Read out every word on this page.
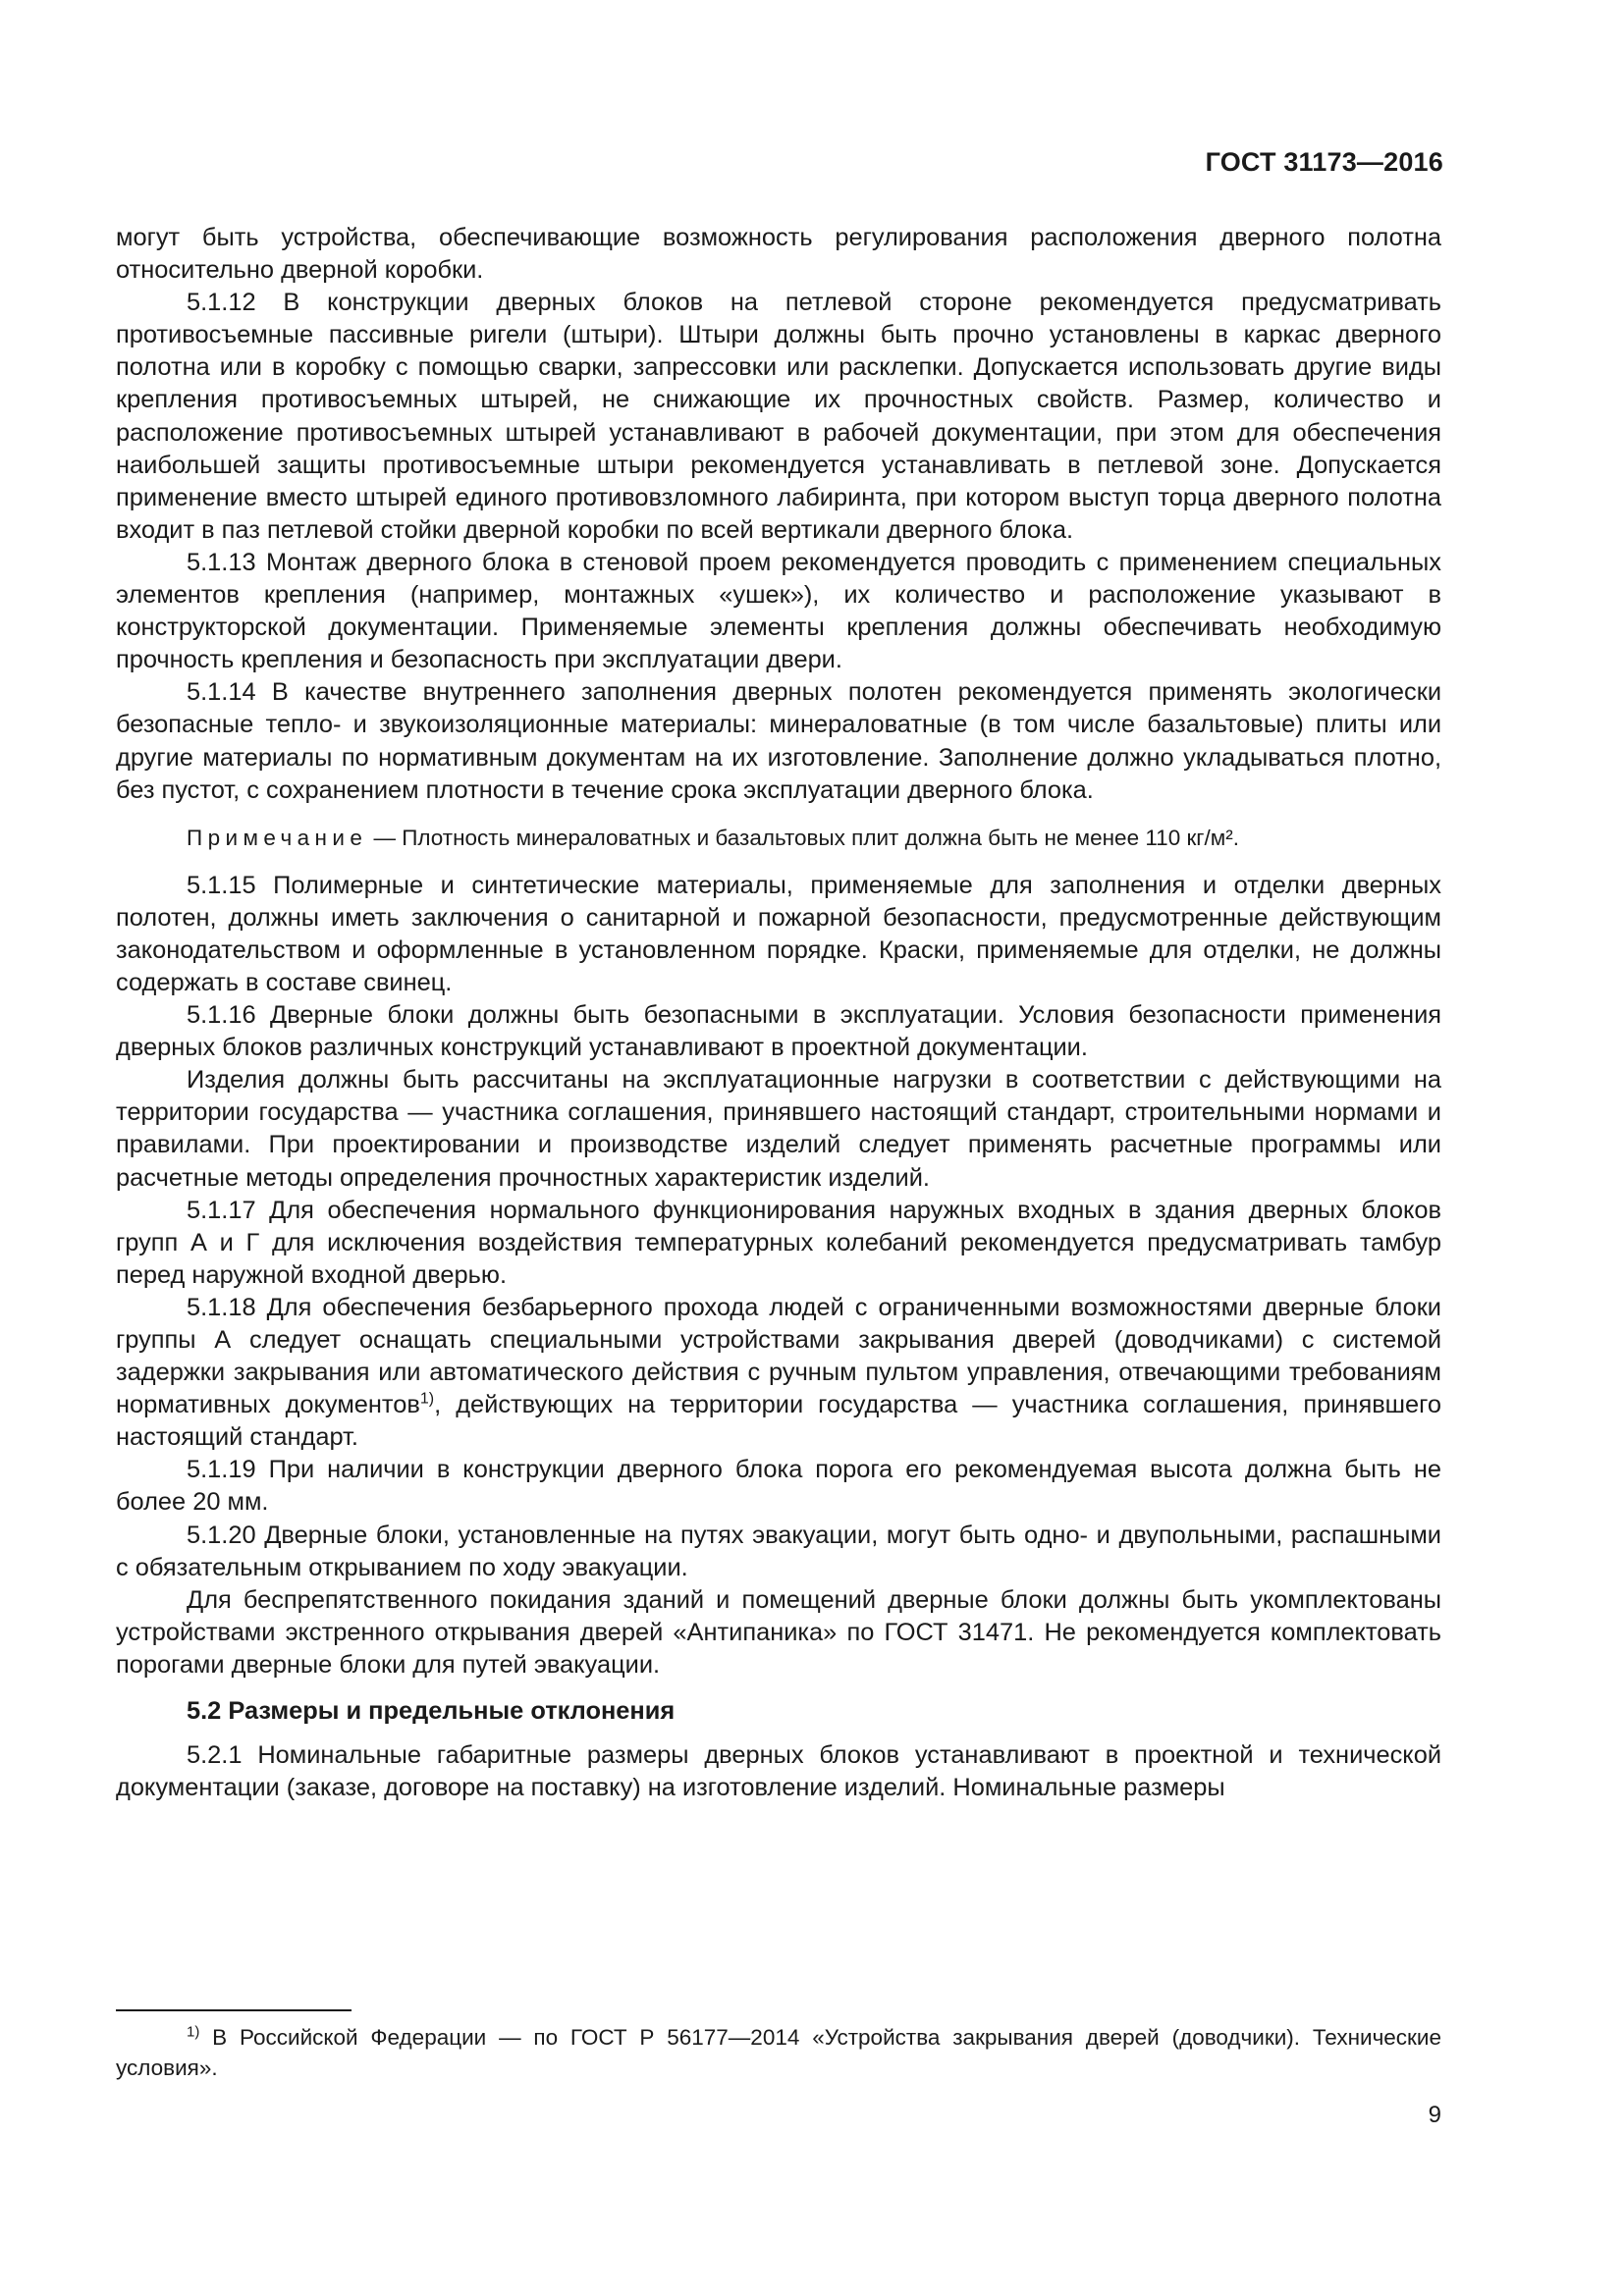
ГОСТ 31173—2016

могут быть устройства, обеспечивающие возможность регулирования расположения дверного полотна относительно дверной коробки.

5.1.12 В конструкции дверных блоков на петлевой стороне рекомендуется предусматривать противосъемные пассивные ригели (штыри). Штыри должны быть прочно установлены в каркас дверного полотна или в коробку с помощью сварки, запрессовки или расклепки. Допускается использовать другие виды крепления противосъемных штырей, не снижающие их прочностных свойств. Размер, количество и расположение противосъемных штырей устанавливают в рабочей документации, при этом для обеспечения наибольшей защиты противосъемные штыри рекомендуется устанавливать в петлевой зоне. Допускается применение вместо штырей единого противовзломного лабиринта, при котором выступ торца дверного полотна входит в паз петлевой стойки дверной коробки по всей вертикали дверного блока.

5.1.13 Монтаж дверного блока в стеновой проем рекомендуется проводить с применением специальных элементов крепления (например, монтажных «ушек»), их количество и расположение указывают в конструкторской документации. Применяемые элементы крепления должны обеспечивать необходимую прочность крепления и безопасность при эксплуатации двери.

5.1.14 В качестве внутреннего заполнения дверных полотен рекомендуется применять экологически безопасные тепло- и звукоизоляционные материалы: минераловатные (в том числе базальтовые) плиты или другие материалы по нормативным документам на их изготовление. Заполнение должно укладываться плотно, без пустот, с сохранением плотности в течение срока эксплуатации дверного блока.

Примечание — Плотность минераловатных и базальтовых плит должна быть не менее 110 кг/м².

5.1.15 Полимерные и синтетические материалы, применяемые для заполнения и отделки дверных полотен, должны иметь заключения о санитарной и пожарной безопасности, предусмотренные действующим законодательством и оформленные в установленном порядке. Краски, применяемые для отделки, не должны содержать в составе свинец.

5.1.16 Дверные блоки должны быть безопасными в эксплуатации. Условия безопасности применения дверных блоков различных конструкций устанавливают в проектной документации.

Изделия должны быть рассчитаны на эксплуатационные нагрузки в соответствии с действующими на территории государства — участника соглашения, принявшего настоящий стандарт, строительными нормами и правилами. При проектировании и производстве изделий следует применять расчетные программы или расчетные методы определения прочностных характеристик изделий.

5.1.17 Для обеспечения нормального функционирования наружных входных в здания дверных блоков групп А и Г для исключения воздействия температурных колебаний рекомендуется предусматривать тамбур перед наружной входной дверью.

5.1.18 Для обеспечения безбарьерного прохода людей с ограниченными возможностями дверные блоки группы А следует оснащать специальными устройствами закрывания дверей (доводчиками) с системой задержки закрывания или автоматического действия с ручным пультом управления, отвечающими требованиям нормативных документов$^{1)}$, действующих на территории государства — участника соглашения, принявшего настоящий стандарт.

5.1.19 При наличии в конструкции дверного блока порога его рекомендуемая высота должна быть не более 20 мм.

5.1.20 Дверные блоки, установленные на путях эвакуации, могут быть одно- и двупольными, распашными с обязательным открыванием по ходу эвакуации.

Для беспрепятственного покидания зданий и помещений дверные блоки должны быть укомплектованы устройствами экстренного открывания дверей «Антипаника» по ГОСТ 31471. Не рекомендуется комплектовать порогами дверные блоки для путей эвакуации.

5.2 Размеры и предельные отклонения

5.2.1 Номинальные габаритные размеры дверных блоков устанавливают в проектной и технической документации (заказе, договоре на поставку) на изготовление изделий. Номинальные размеры

$^{1)}$ В Российской Федерации — по ГОСТ Р 56177—2014 «Устройства закрывания дверей (доводчики). Технические условия».
9
